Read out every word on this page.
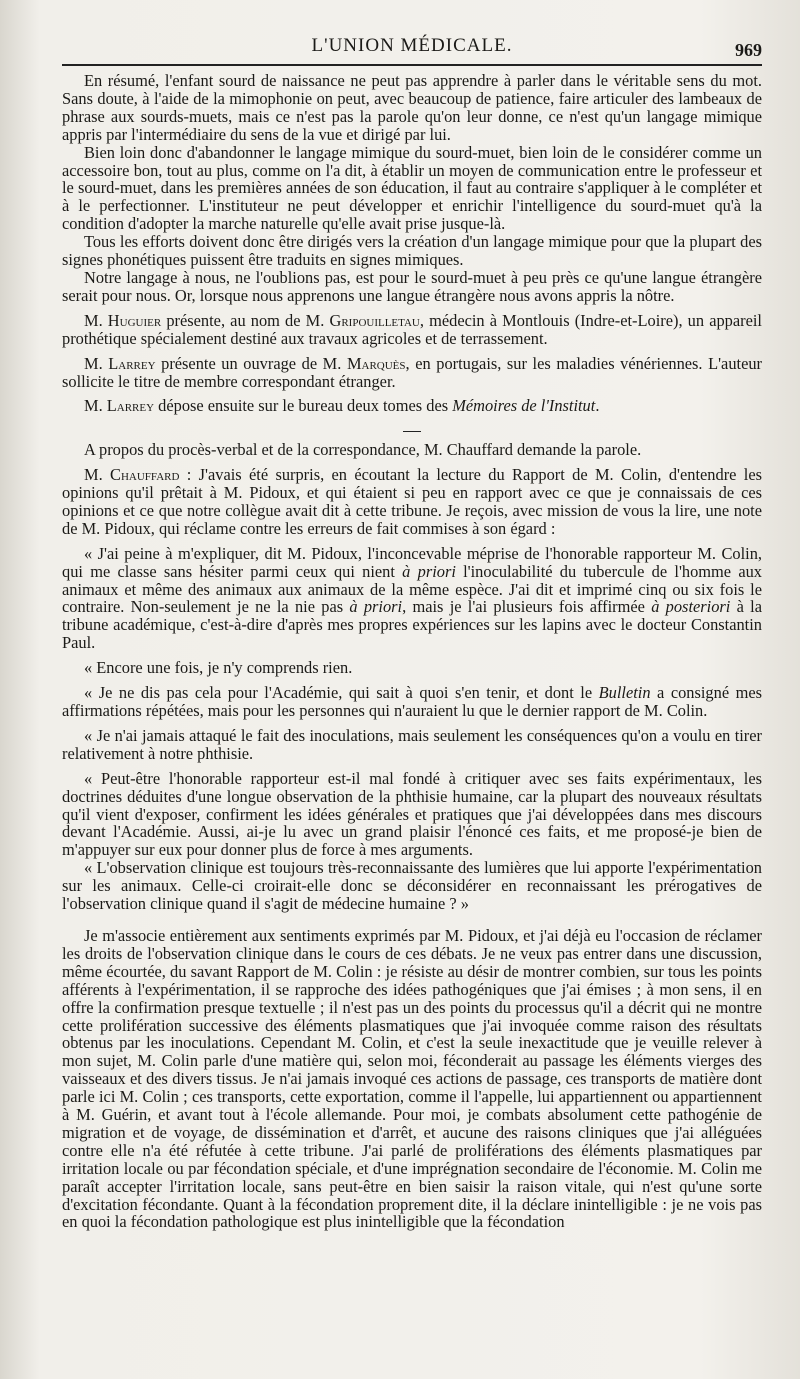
L'UNION MÉDICALE.	969

En résumé, l'enfant sourd de naissance ne peut pas apprendre à parler dans le véritable sens du mot. Sans doute, à l'aide de la mimophonie on peut, avec beaucoup de patience, faire articuler des lambeaux de phrase aux sourds-muets, mais ce n'est pas la parole qu'on leur donne, ce n'est qu'un langage mimique appris par l'intermédiaire du sens de la vue et dirigé par lui.

Bien loin donc d'abandonner le langage mimique du sourd-muet, bien loin de le considérer comme un accessoire bon, tout au plus, comme on l'a dit, à établir un moyen de communication entre le professeur et le sourd-muet, dans les premières années de son éducation, il faut au contraire s'appliquer à le compléter et à le perfectionner. L'instituteur ne peut développer et enrichir l'intelligence du sourd-muet qu'à la condition d'adopter la marche naturelle qu'elle avait prise jusque-là.

Tous les efforts doivent donc être dirigés vers la création d'un langage mimique pour que la plupart des signes phonétiques puissent être traduits en signes mimiques.

Notre langage à nous, ne l'oublions pas, est pour le sourd-muet à peu près ce qu'une langue étrangère serait pour nous. Or, lorsque nous apprenons une langue étrangère nous avons appris la nôtre.

M. Huguier présente, au nom de M. Gripouilletau, médecin à Montlouis (Indre-et-Loire), un appareil prothétique spécialement destiné aux travaux agricoles et de terrassement.

M. Larrey présente un ouvrage de M. Marquès, en portugais, sur les maladies vénériennes. L'auteur sollicite le titre de membre correspondant étranger.

M. Larrey dépose ensuite sur le bureau deux tomes des Mémoires de l'Institut.

A propos du procès-verbal et de la correspondance, M. Chauffard demande la parole.

M. Chauffard : J'avais été surpris, en écoutant la lecture du Rapport de M. Colin, d'entendre les opinions qu'il prêtait à M. Pidoux, et qui étaient si peu en rapport avec ce que je connaissais de ces opinions et ce que notre collègue avait dit à cette tribune. Je reçois, avec mission de vous la lire, une note de M. Pidoux, qui réclame contre les erreurs de fait commises à son égard :

« J'ai peine à m'expliquer, dit M. Pidoux, l'inconcevable méprise de l'honorable rapporteur M. Colin, qui me classe sans hésiter parmi ceux qui nient à priori l'inoculabilité du tubercule de l'homme aux animaux et même des animaux aux animaux de la même espèce. J'ai dit et imprimé cinq ou six fois le contraire. Non-seulement je ne la nie pas à priori, mais je l'ai plusieurs fois affirmée à posteriori à la tribune académique, c'est-à-dire d'après mes propres expériences sur les lapins avec le docteur Constantin Paul.

« Encore une fois, je n'y comprends rien.

« Je ne dis pas cela pour l'Académie, qui sait à quoi s'en tenir, et dont le Bulletin a consigné mes affirmations répétées, mais pour les personnes qui n'auraient lu que le dernier rapport de M. Colin.

« Je n'ai jamais attaqué le fait des inoculations, mais seulement les conséquences qu'on a voulu en tirer relativement à notre phthisie.

« Peut-être l'honorable rapporteur est-il mal fondé à critiquer avec ses faits expérimentaux, les doctrines déduites d'une longue observation de la phthisie humaine, car la plupart des nouveaux résultats qu'il vient d'exposer, confirment les idées générales et pratiques que j'ai développées dans mes discours devant l'Académie. Aussi, ai-je lu avec un grand plaisir l'énoncé ces faits, et me proposé-je bien de m'appuyer sur eux pour donner plus de force à mes arguments.

« L'observation clinique est toujours très-reconnaissante des lumières que lui apporte l'expérimentation sur les animaux. Celle-ci croirait-elle donc se déconsidérer en reconnaissant les prérogatives de l'observation clinique quand il s'agit de médecine humaine ? »

Je m'associe entièrement aux sentiments exprimés par M. Pidoux, et j'ai déjà eu l'occasion de réclamer les droits de l'observation clinique dans le cours de ces débats. Je ne veux pas entrer dans une discussion, même écourtée, du savant Rapport de M. Colin : je résiste au désir de montrer combien, sur tous les points afférents à l'expérimentation, il se rapproche des idées pathogéniques que j'ai émises ; à mon sens, il en offre la confirmation presque textuelle ; il n'est pas un des points du processus qu'il a décrit qui ne montre cette prolifération successive des éléments plasmatiques que j'ai invoquée comme raison des résultats obtenus par les inoculations. Cependant M. Colin, et c'est la seule inexactitude que je veuille relever à mon sujet, M. Colin parle d'une matière qui, selon moi, féconderait au passage les éléments vierges des vaisseaux et des divers tissus. Je n'ai jamais invoqué ces actions de passage, ces transports de matière dont parle ici M. Colin ; ces transports, cette exportation, comme il l'appelle, lui appartiennent ou appartiennent à M. Guérin, et avant tout à l'école allemande. Pour moi, je combats absolument cette pathogénie de migration et de voyage, de dissémination et d'arrêt, et aucune des raisons cliniques que j'ai alléguées contre elle n'a été réfutée à cette tribune. J'ai parlé de proliférations des éléments plasmatiques par irritation locale ou par fécondation spéciale, et d'une imprégnation secondaire de l'économie. M. Colin me paraît accepter l'irritation locale, sans peut-être en bien saisir la raison vitale, qui n'est qu'une sorte d'excitation fécondante. Quant à la fécondation proprement dite, il la déclare inintelligible : je ne vois pas en quoi la fécondation pathologique est plus inintelligible que la fécondation
